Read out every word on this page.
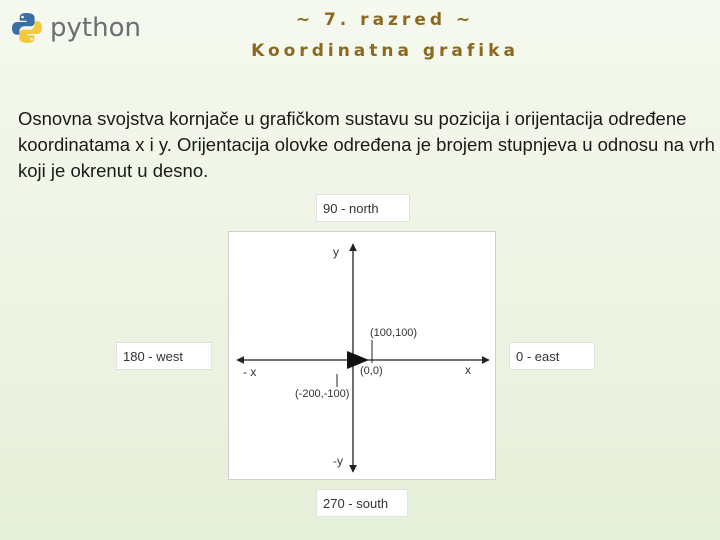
python	~ 7. razred ~
Koordinatna grafika
Osnovna svojstva kornjače u grafičkom sustavu su pozicija i orijentacija određene koordinatama x i y. Orijentacija olovke određena je brojem stupnjeva u odnosu na vrh koji je okrenut u desno.
90 - north
180 - west	0 - east
270 - south
y
-y
x
- x	(0,0)
(100,100)
(-200,-100)
